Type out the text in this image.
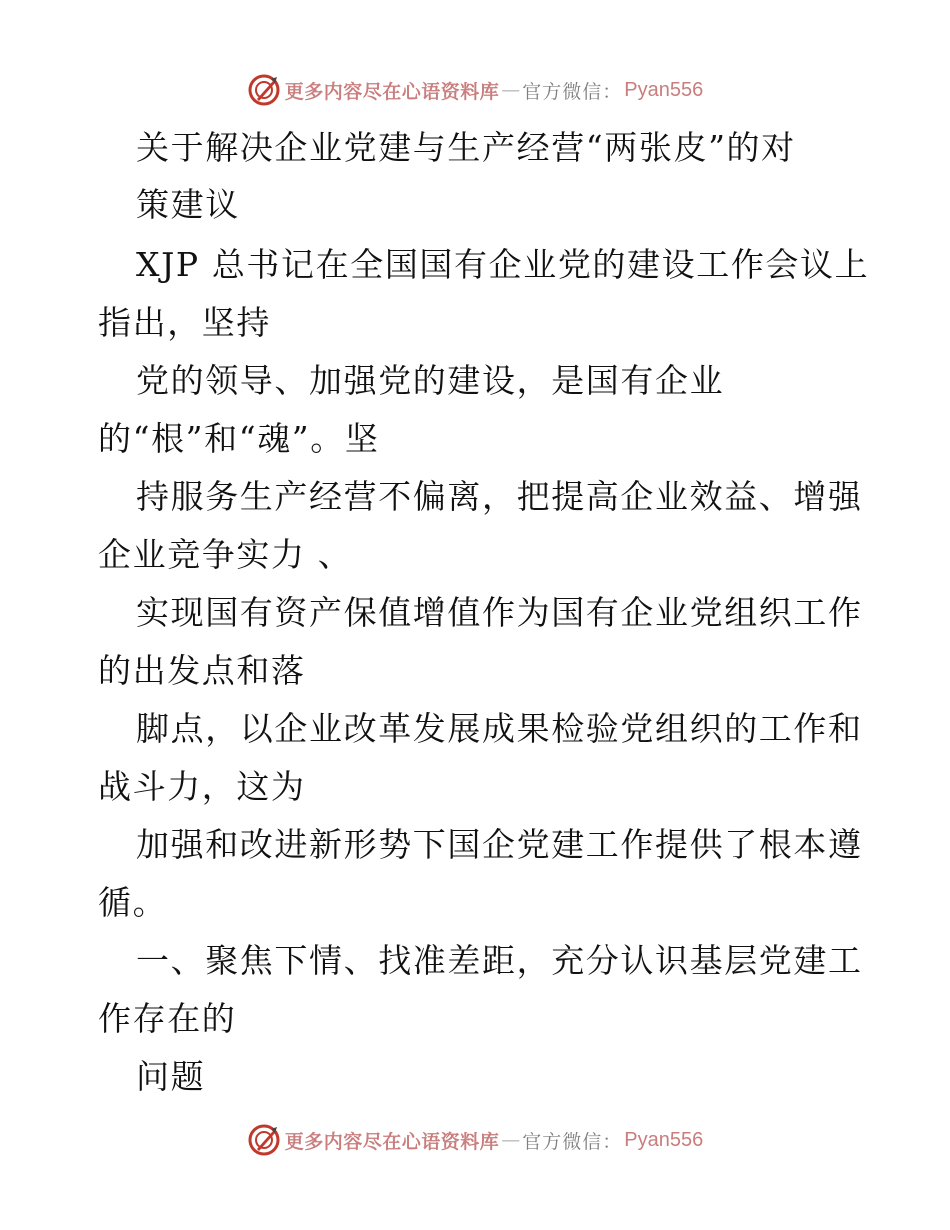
更多内容尽在心语资料库 — 官方微信： Pyan556
关于解决企业党建与生产经营“两张皮”的对
策建议
XJP 总书记在全国国有企业党的建设工作会议上
指出，坚持
党的领导、加强党的建设，是国有企业
的“根”和“魂”。坚
持服务生产经营不偏离，把提高企业效益、增强
企业竞争实力 、
实现国有资产保值增值作为国有企业党组织工作
的出发点和落
脚点，以企业改革发展成果检验党组织的工作和
战斗力，这为
加强和改进新形势下国企党建工作提供了根本遵
循。
一、聚焦下情、找准差距，充分认识基层党建工
作存在的
问题
更多内容尽在心语资料库 — 官方微信： Pyan556
